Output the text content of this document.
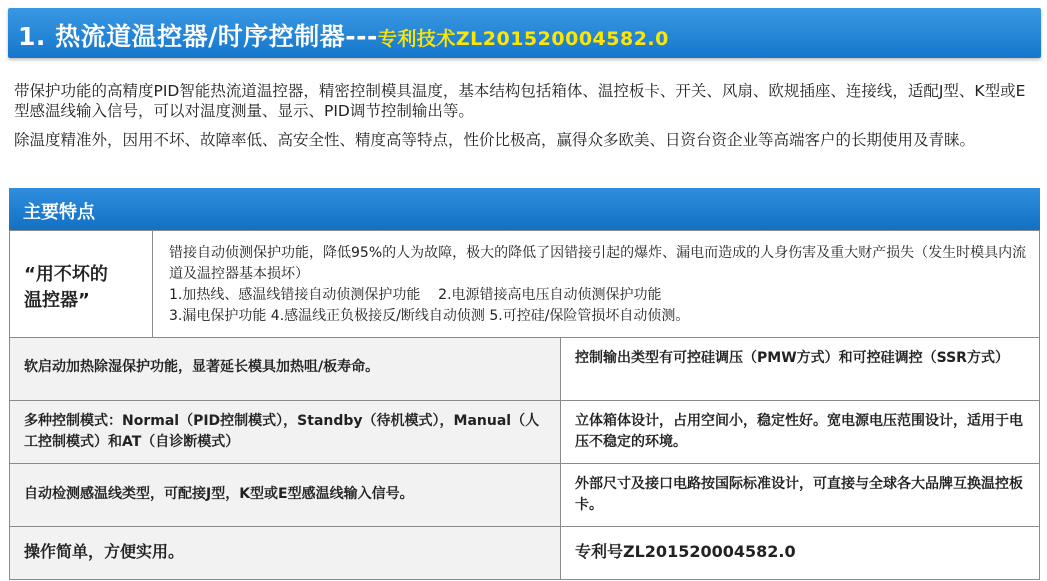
1. 热流道温控器/时序控制器---专利技术ZL201520004582.0

带保护功能的高精度PID智能热流道温控器，精密控制模具温度，基本结构包括箱体、温控板卡、开关、风扇、欧规插座、连接线，适配J型、K型或E型感温线输入信号，可以对温度测量、显示、PID调节控制输出等。

除温度精准外，因用不坏、故障率低、高安全性、精度高等特点，性价比极高，赢得众多欧美、日资台资企业等高端客户的长期使用及青睐。

主要特点
“用不坏的
温控器”
错接自动侦测保护功能，降低95%的人为故障，极大的降低了因错接引起的爆炸、漏电而造成的人身伤害及重大财产损失（发生时模具内流道及温控器基本损坏）
1.加热线、感温线错接自动侦测保护功能    2.电源错接高电压自动侦测保护功能
3.漏电保护功能 4.感温线正负极接反/断线自动侦测 5.可控硅/保险管损坏自动侦测。
软启动加热除湿保护功能，显著延长模具加热咀/板寿命。
控制输出类型有可控硅调压（PMW方式）和可控硅调控（SSR方式）
多种控制模式：Normal（PID控制模式），Standby（待机模式），Manual（人工控制模式）和AT（自诊断模式）
立体箱体设计，占用空间小，稳定性好。宽电源电压范围设计，适用于电压不稳定的环境。
自动检测感温线类型，可配接J型，K型或E型感温线输入信号。
外部尺寸及接口电路按国际标准设计，可直接与全球各大品牌互换温控板卡。
操作简单，方便实用。	专利号ZL201520004582.0
